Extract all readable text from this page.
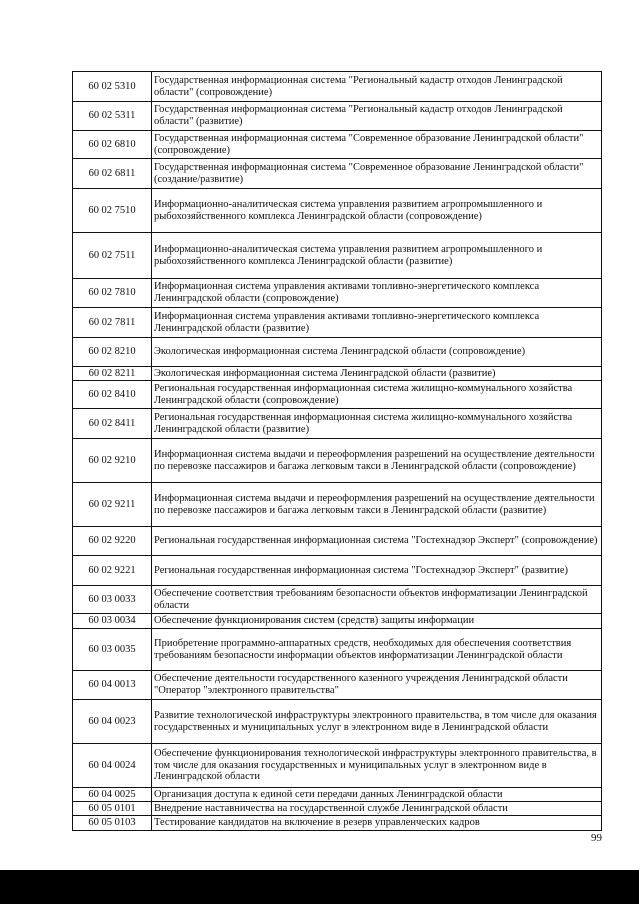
60 02 5310	Государственная информационная система "Региональный кадастр отходов Ленинградской области" (сопровождение)
60 02 5311	Государственная информационная система "Региональный кадастр отходов Ленинградской области" (развитие)
60 02 6810	Государственная информационная система "Современное образование Ленинградской области" (сопровождение)
60 02 6811	Государственная информационная система "Современное образование Ленинградской области" (создание/развитие)
60 02 7510	Информационно-аналитическая система управления развитием агропромышленного и рыбохозяйственного комплекса Ленинградской области (сопровождение)
60 02 7511	Информационно-аналитическая система управления развитием агропромышленного и рыбохозяйственного комплекса Ленинградской области (развитие)
60 02 7810	Информационная система управления активами топливно-энергетического комплекса Ленинградской области (сопровождение)
60 02 7811	Информационная система управления активами топливно-энергетического комплекса Ленинградской области (развитие)
60 02 8210	Экологическая информационная система Ленинградской области (сопровождение)
60 02 8211	Экологическая информационная система Ленинградской области (развитие)
60 02 8410	Региональная государственная информационная система жилищно-коммунального хозяйства Ленинградской области (сопровождение)
60 02 8411	Региональная государственная информационная система жилищно-коммунального хозяйства Ленинградской области (развитие)
60 02 9210	Информационная система выдачи и переоформления разрешений на осуществление деятельности по перевозке пассажиров и багажа легковым такси в Ленинградской области (сопровождение)
60 02 9211	Информационная система выдачи и переоформления разрешений на осуществление деятельности по перевозке пассажиров и багажа легковым такси в Ленинградской области (развитие)
60 02 9220	Региональная государственная информационная система "Гостехнадзор Эксперт" (сопровождение)
60 02 9221	Региональная государственная информационная система "Гостехнадзор Эксперт" (развитие)
60 03 0033	Обеспечение соответствия требованиям безопасности объектов информатизации Ленинградской области
60 03 0034	Обеспечение функционирования систем (средств) защиты информации
60 03 0035	Приобретение программно-аппаратных средств, необходимых для обеспечения соответствия требованиям безопасности информации объектов информатизации Ленинградской области
60 04 0013	Обеспечение деятельности государственного казенного учреждения Ленинградской области "Оператор "электронного правительства"
60 04 0023	Развитие технологической инфраструктуры электронного правительства, в том числе для оказания государственных и муниципальных услуг в электронном виде в Ленинградской области
60 04 0024	Обеспечение функционирования технологической инфраструктуры электронного правительства, в том числе для оказания государственных и муниципальных услуг в электронном виде в Ленинградской области
60 04 0025	Организация доступа к единой сети передачи данных Ленинградской области
60 05 0101	Внедрение наставничества на государственной службе Ленинградской области
60 05 0103	Тестирование кандидатов на включение в резерв управленческих кадров
99
